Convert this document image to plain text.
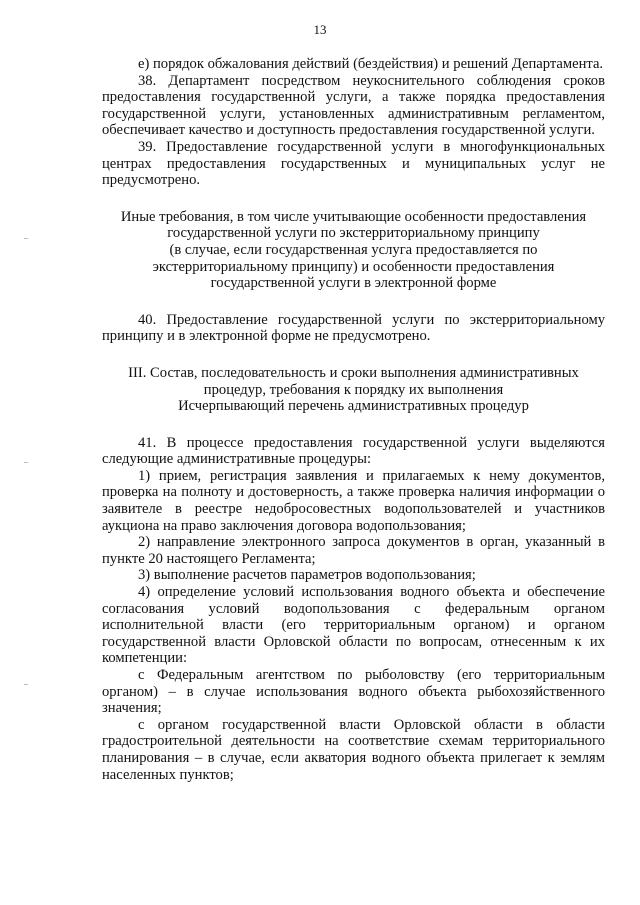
13

е) порядок обжалования действий (бездействия) и решений Департамента.

38. Департамент посредством неукоснительного соблюдения сроков предоставления государственной услуги, а также порядка предоставления государственной услуги, установленных административным регламентом, обеспечивает качество и доступность предоставления государственной услуги.

39. Предоставление государственной услуги в многофункциональных центрах предоставления государственных и муниципальных услуг не предусмотрено.

Иные требования, в том числе учитывающие особенности предоставления

государственной услуги по экстерриториальному принципу

(в случае, если государственная услуга предоставляется по

экстерриториальному принципу) и особенности предоставления

государственной услуги в электронной форме

40. Предоставление государственной услуги по экстерриториальному принципу и в электронной форме не предусмотрено.

III. Состав, последовательность и сроки выполнения административных

процедур, требования к порядку их выполнения

Исчерпывающий перечень административных процедур

41. В процессе предоставления государственной услуги выделяются следующие административные процедуры:

1) прием, регистрация заявления и прилагаемых к нему документов, проверка на полноту и достоверность, а также проверка наличия информации о заявителе в реестре недобросовестных водопользователей и участников аукциона на право заключения договора водопользования;

2) направление электронного запроса документов в орган, указанный в пункте 20 настоящего Регламента;

3) выполнение расчетов параметров водопользования;

4) определение условий использования водного объекта и обеспечение согласования условий водопользования с федеральным органом исполнительной власти (его территориальным органом) и органом государственной власти Орловской области по вопросам, отнесенным к их компетенции:

с Федеральным агентством по рыболовству (его территориальным органом) – в случае использования водного объекта рыбохозяйственного значения;

с органом государственной власти Орловской области в области градостроительной деятельности на соответствие схемам территориального планирования – в случае, если акватория водного объекта прилегает к землям населенных пунктов;
